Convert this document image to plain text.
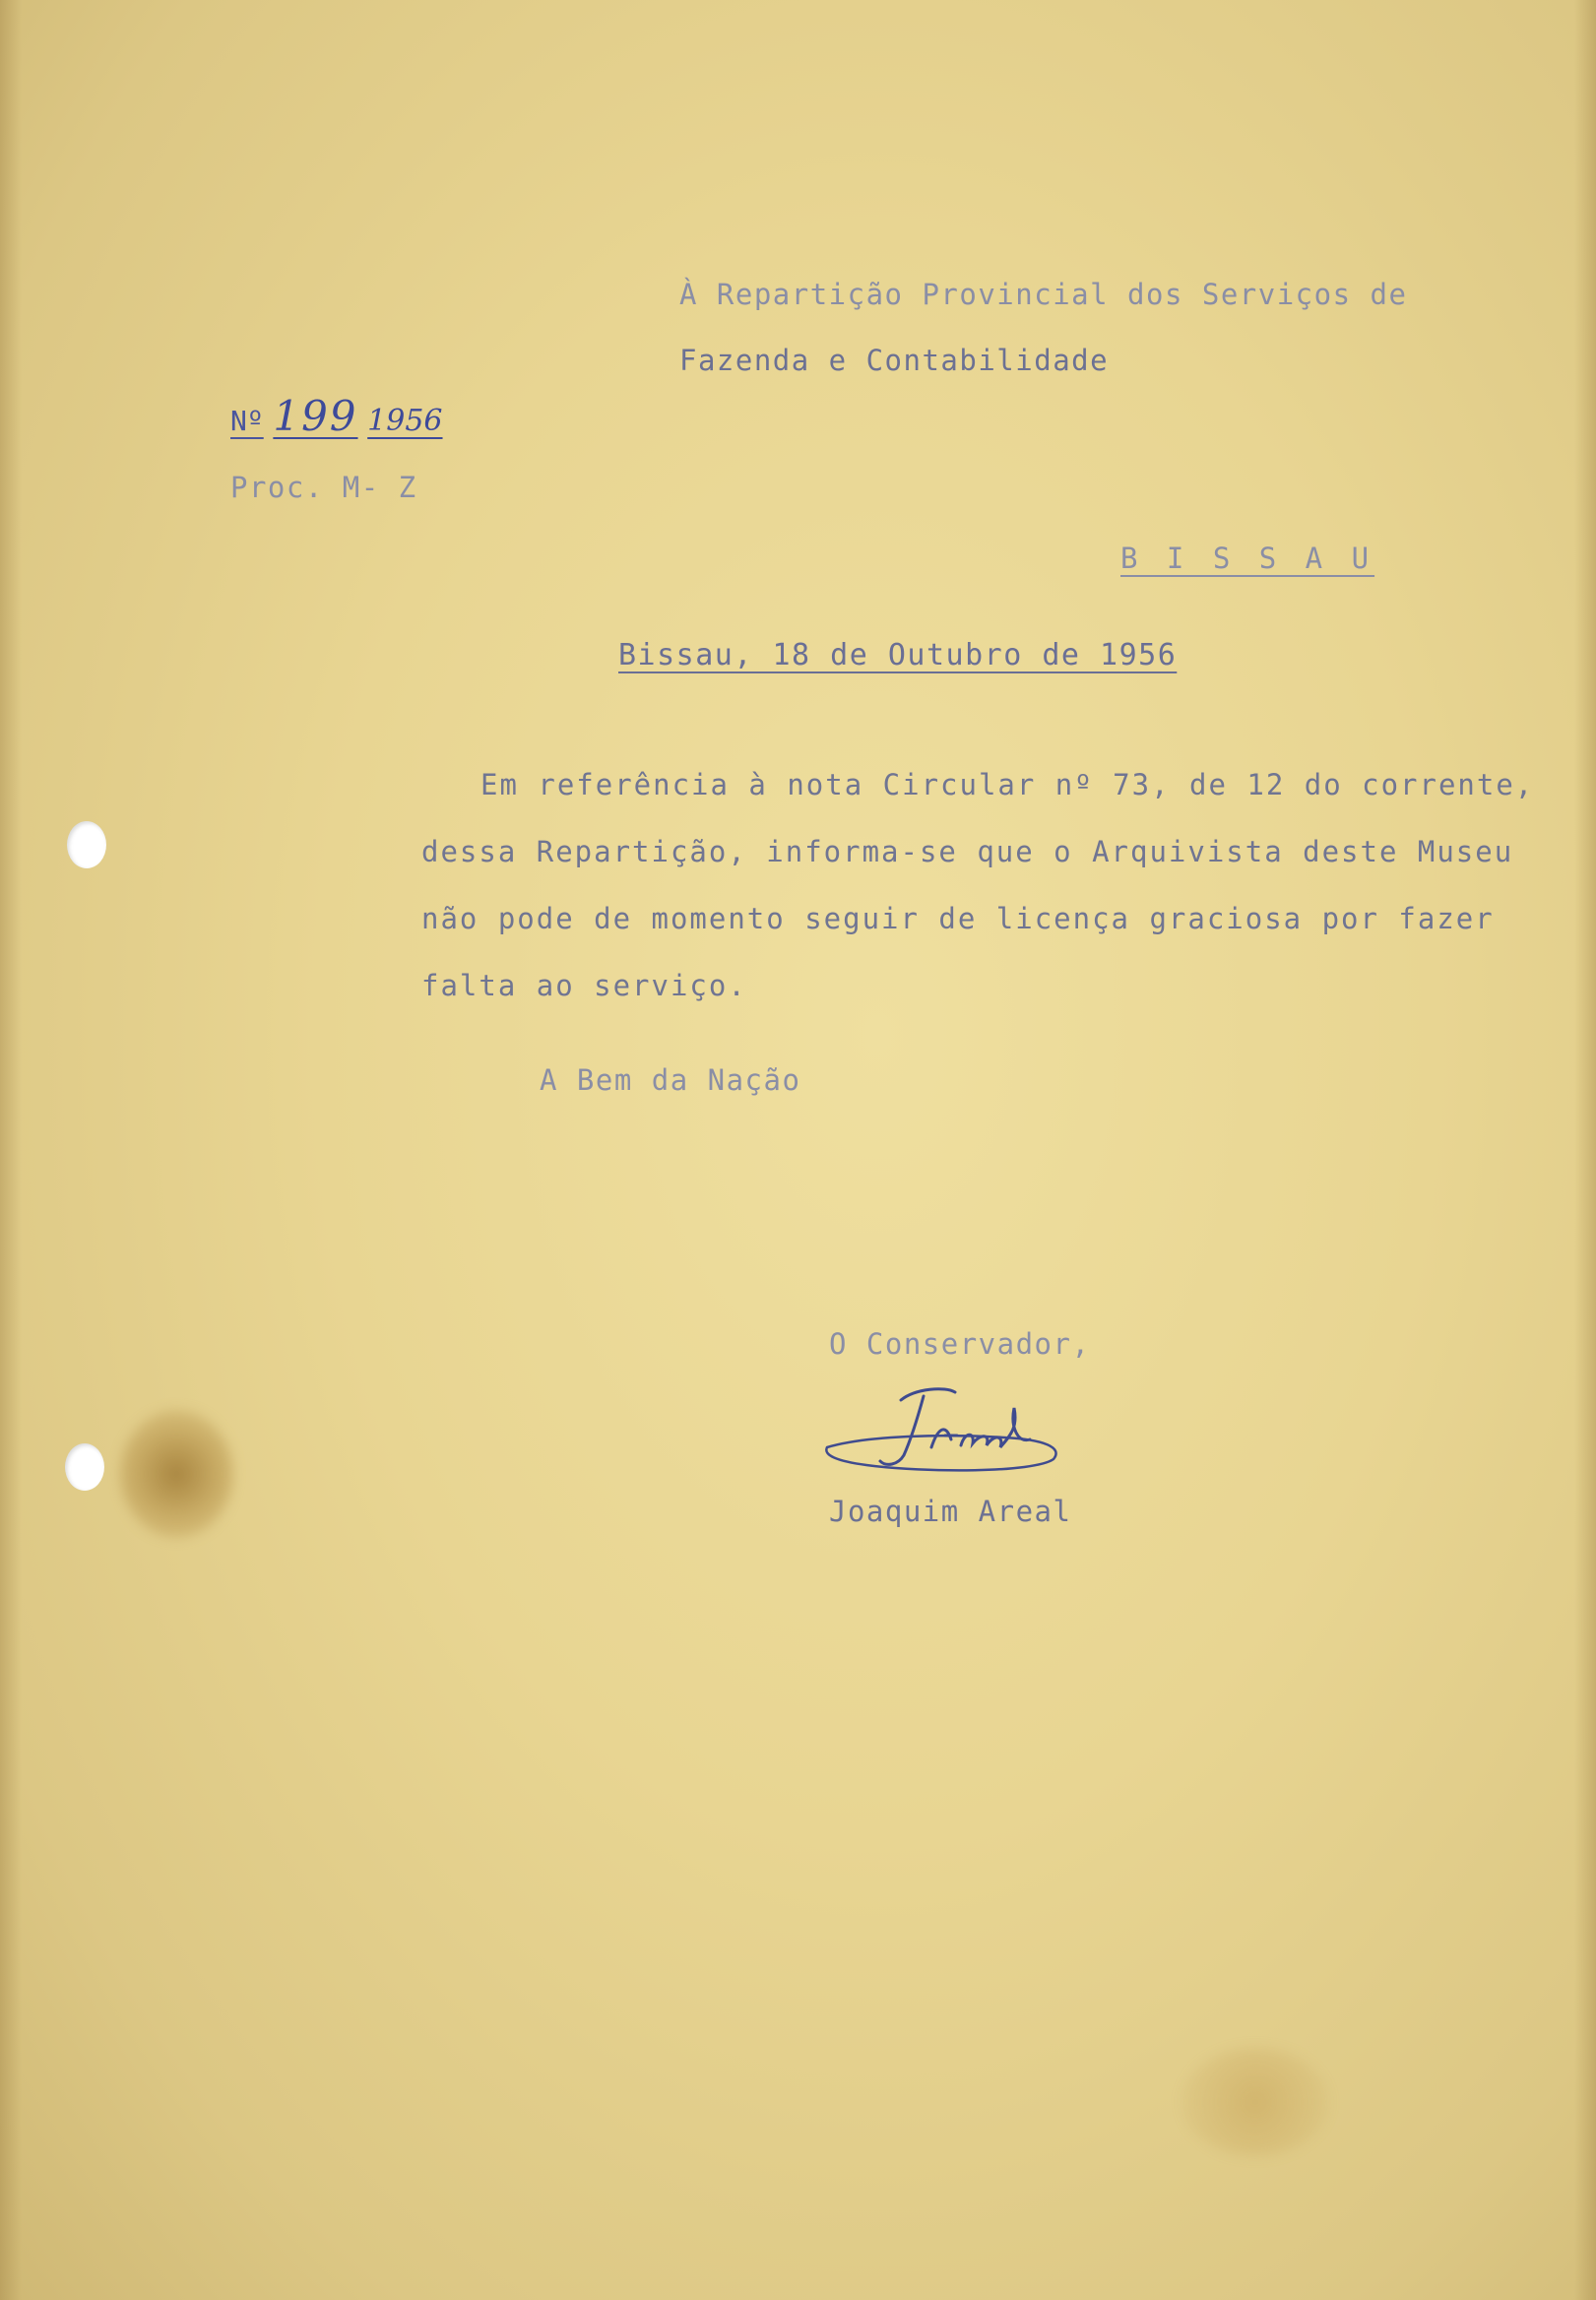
À Repartição Provincial dos Serviços de
Fazenda e Contabilidade
Nº 199 1956
Proc. M- Z
B I S S A U
Bissau, 18 de Outubro de 1956
Em referência à nota Circular nº 73, de 12 do corrente,
dessa Repartição, informa-se que o Arquivista deste Museu
não pode de momento seguir de licença graciosa por fazer
falta ao serviço.
A Bem da Nação
O Conservador,
Joaquim Areal
